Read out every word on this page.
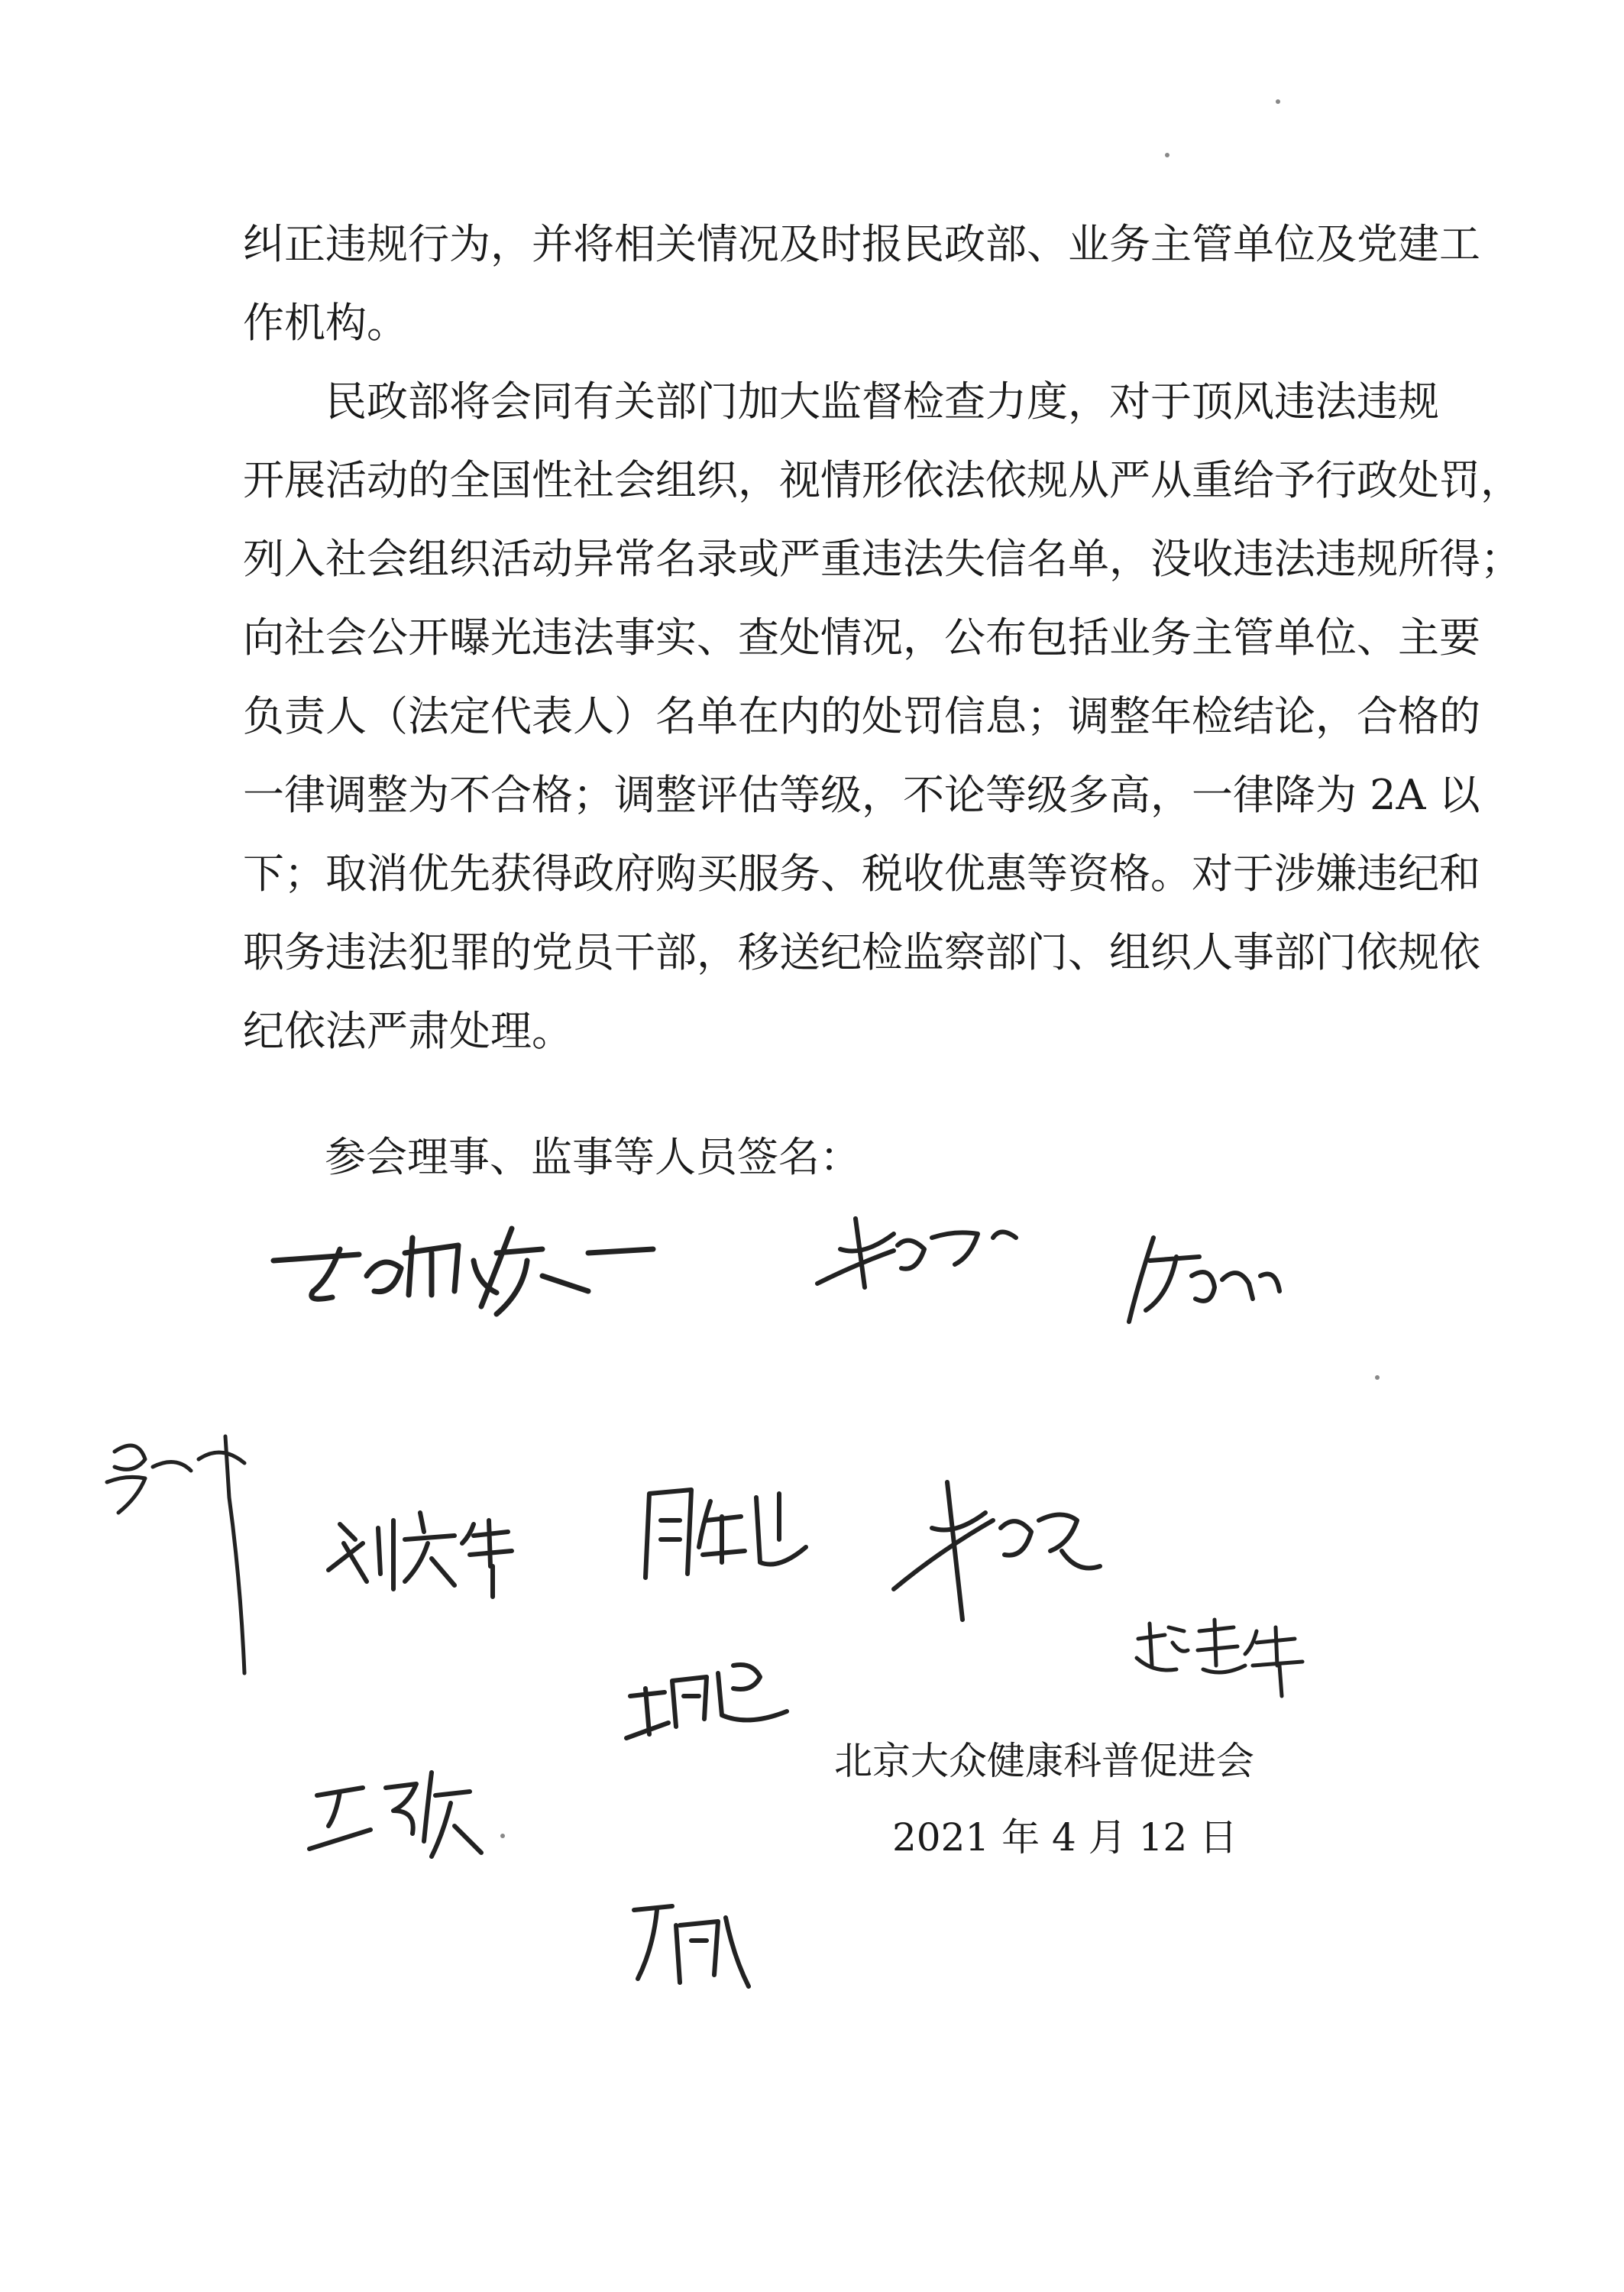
纠正违规行为，并将相关情况及时报民政部、业务主管单位及党建工
作机构。
民政部将会同有关部门加大监督检查力度，对于顶风违法违规
开展活动的全国性社会组织，视情形依法依规从严从重给予行政处罚，
列入社会组织活动异常名录或严重违法失信名单，没收违法违规所得；
向社会公开曝光违法事实、查处情况，公布包括业务主管单位、主要
负责人（法定代表人）名单在内的处罚信息；调整年检结论，合格的
一律调整为不合格；调整评估等级，不论等级多高，一律降为 2A 以
下；取消优先获得政府购买服务、税收优惠等资格。对于涉嫌违纪和
职务违法犯罪的党员干部，移送纪检监察部门、组织人事部门依规依
纪依法严肃处理。
参会理事、监事等人员签名：
北京大众健康科普促进会
2021 年 4 月 12 日
